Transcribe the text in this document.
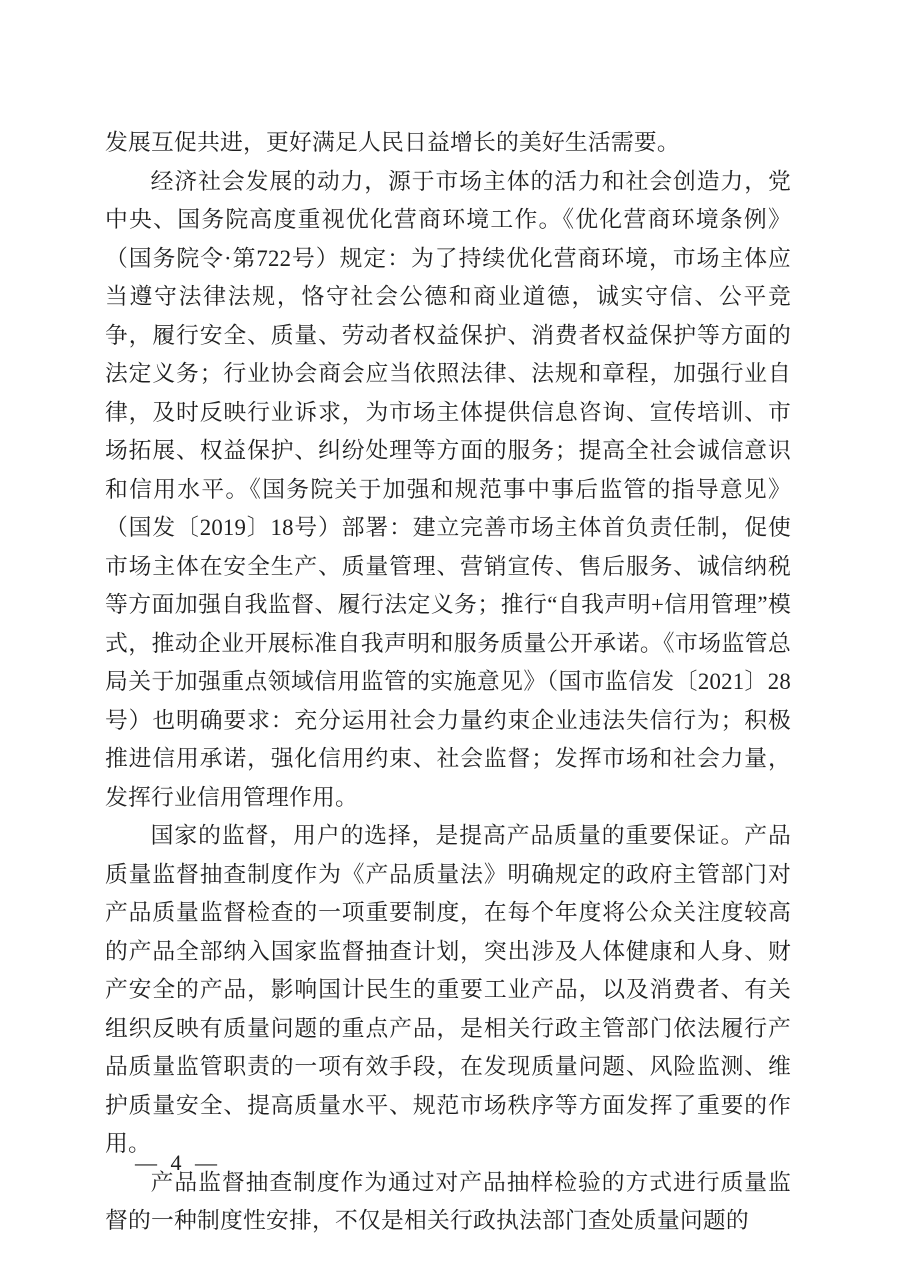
发展互促共进，更好满足人民日益增长的美好生活需要。

经济社会发展的动力，源于市场主体的活力和社会创造力，党中央、国务院高度重视优化营商环境工作。《优化营商环境条例》（国务院令·第722号）规定：为了持续优化营商环境，市场主体应当遵守法律法规，恪守社会公德和商业道德，诚实守信、公平竞争，履行安全、质量、劳动者权益保护、消费者权益保护等方面的法定义务；行业协会商会应当依照法律、法规和章程，加强行业自律，及时反映行业诉求，为市场主体提供信息咨询、宣传培训、市场拓展、权益保护、纠纷处理等方面的服务；提高全社会诚信意识和信用水平。《国务院关于加强和规范事中事后监管的指导意见》（国发〔2019〕18号）部署：建立完善市场主体首负责任制，促使市场主体在安全生产、质量管理、营销宣传、售后服务、诚信纳税等方面加强自我监督、履行法定义务；推行“自我声明+信用管理”模式，推动企业开展标准自我声明和服务质量公开承诺。《市场监管总局关于加强重点领域信用监管的实施意见》（国市监信发〔2021〕28号）也明确要求：充分运用社会力量约束企业违法失信行为；积极推进信用承诺，强化信用约束、社会监督；发挥市场和社会力量，发挥行业信用管理作用。

国家的监督，用户的选择，是提高产品质量的重要保证。产品质量监督抽查制度作为《产品质量法》明确规定的政府主管部门对产品质量监督检查的一项重要制度，在每个年度将公众关注度较高的产品全部纳入国家监督抽查计划，突出涉及人体健康和人身、财产安全的产品，影响国计民生的重要工业产品，以及消费者、有关组织反映有质量问题的重点产品，是相关行政主管部门依法履行产品质量监管职责的一项有效手段，在发现质量问题、风险监测、维护质量安全、提高质量水平、规范市场秩序等方面发挥了重要的作用。

产品监督抽查制度作为通过对产品抽样检验的方式进行质量监督的一种制度性安排，不仅是相关行政执法部门查处质量问题的

— 4 —
